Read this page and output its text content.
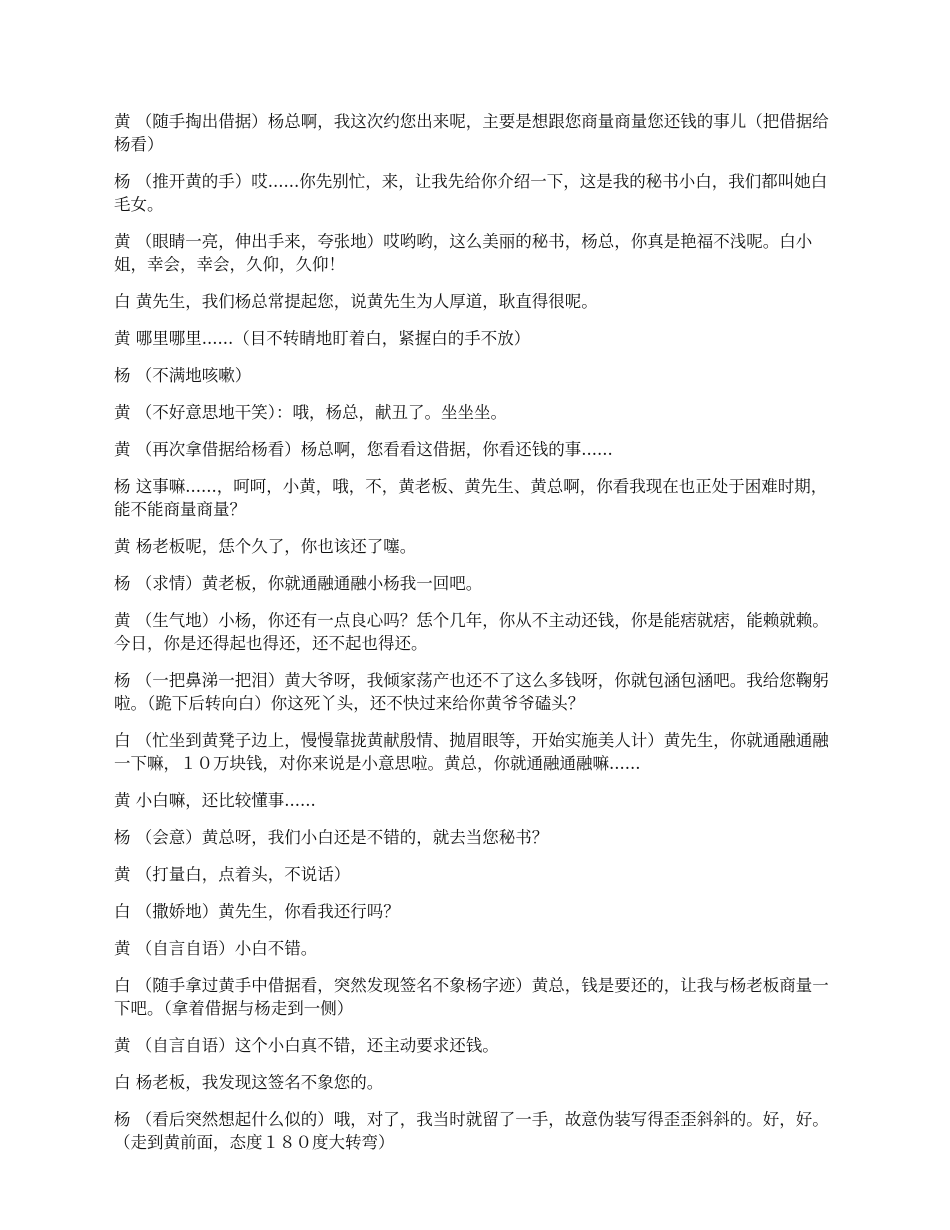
黄 （随手掏出借据）杨总啊，我这次约您出来呢，主要是想跟您商量商量您还钱的事儿（把借据给杨看）

杨 （推开黄的手）哎......你先别忙，来，让我先给你介绍一下，这是我的秘书小白，我们都叫她白毛女。

黄 （眼睛一亮，伸出手来，夸张地）哎哟哟，这么美丽的秘书，杨总，你真是艳福不浅呢。白小姐，幸会，幸会，久仰，久仰！

白 黄先生，我们杨总常提起您，说黄先生为人厚道，耿直得很呢。

黄 哪里哪里......（目不转睛地盯着白，紧握白的手不放）

杨 （不满地咳嗽）

黄 （不好意思地干笑）：哦，杨总，献丑了。坐坐坐。

黄 （再次拿借据给杨看）杨总啊，您看看这借据，你看还钱的事......

杨 这事嘛......，呵呵，小黄，哦，不，黄老板、黄先生、黄总啊，你看我现在也正处于困难时期，能不能商量商量？

黄 杨老板呢，恁个久了，你也该还了噻。

杨 （求情）黄老板，你就通融通融小杨我一回吧。

黄 （生气地）小杨，你还有一点良心吗？恁个几年，你从不主动还钱，你是能痞就痞，能赖就赖。今日，你是还得起也得还，还不起也得还。

杨 （一把鼻涕一把泪）黄大爷呀，我倾家荡产也还不了这么多钱呀，你就包涵包涵吧。我给您鞠躬啦。（跪下后转向白）你这死丫头，还不快过来给你黄爷爷磕头？

白 （忙坐到黄凳子边上，慢慢靠拢黄献殷情、抛眉眼等，开始实施美人计）黄先生，你就通融通融一下嘛，１０万块钱，对你来说是小意思啦。黄总，你就通融通融嘛......

黄 小白嘛，还比较懂事......

杨 （会意）黄总呀，我们小白还是不错的，就去当您秘书？

黄 （打量白，点着头，不说话）

白 （撒娇地）黄先生，你看我还行吗？

黄 （自言自语）小白不错。

白 （随手拿过黄手中借据看，突然发现签名不象杨字迹）黄总，钱是要还的，让我与杨老板商量一下吧。（拿着借据与杨走到一侧）

黄 （自言自语）这个小白真不错，还主动要求还钱。

白 杨老板，我发现这签名不象您的。

杨 （看后突然想起什么似的）哦，对了，我当时就留了一手，故意伪装写得歪歪斜斜的。好，好。（走到黄前面，态度１８０度大转弯）
